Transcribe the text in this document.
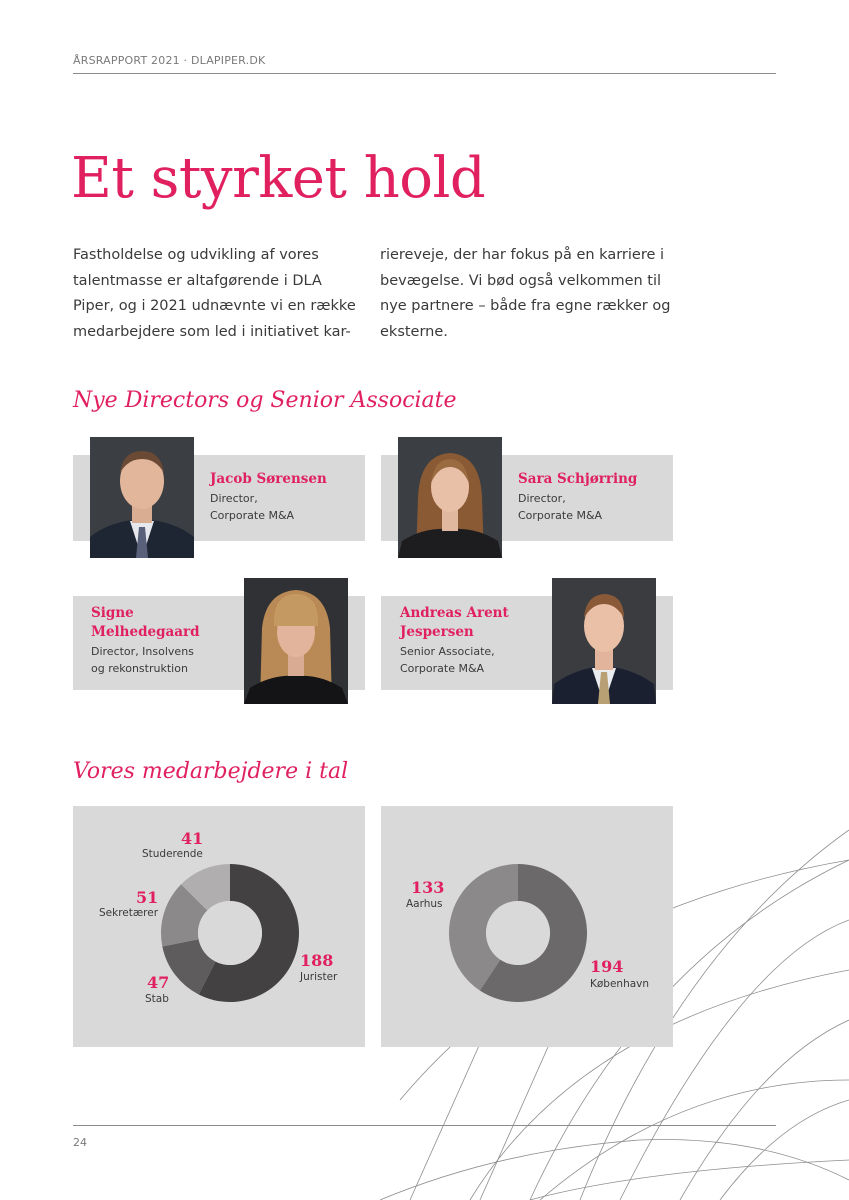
ÅRSRAPPORT 2021 · DLAPIPER.DK
Et styrket hold

Fastholdelse og udvikling af vores talentmasse er altafgørende i DLA Piper, og i 2021 udnævnte vi en række medarbejdere som led i initiativet kar-

riereveje, der har fokus på en karriere i bevægelse. Vi bød også velkommen til nye partnere – både fra egne rækker og eksterne.

Nye Directors og Senior Associate
Jacob Sørensen
Director,
Corporate M&A
Sara Schjørring
Director,
Corporate M&A
Signe
Melhedegaard
Director, Insolvens
og rekonstruktion
Andreas Arent
Jespersen
Senior Associate,
Corporate M&A
Vores medarbejdere i tal
41
Studerende
51
Sekretærer
188
Jurister
47
Stab
133
Aarhus
194
København
24
